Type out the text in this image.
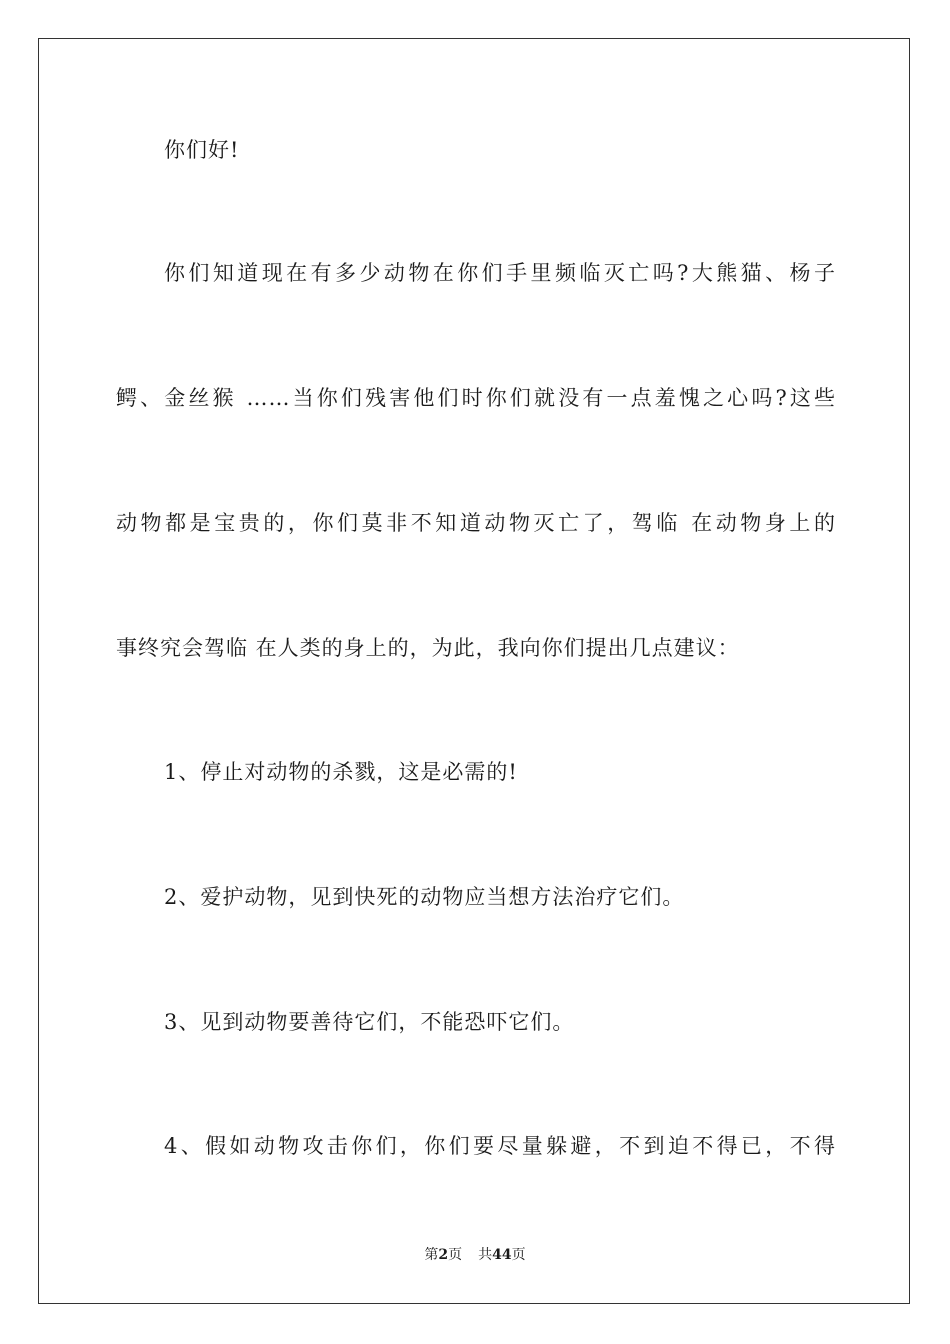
你们好!
你们知道现在有多少动物在你们手里频临灭亡吗?大熊猫、杨子
鳄、金丝猴 ……当你们残害他们时你们就没有一点羞愧之心吗?这些
动物都是宝贵的，你们莫非不知道动物灭亡了，驾临 在动物身上的
事终究会驾临 在人类的身上的，为此，我向你们提出几点建议：
1、停止对动物的杀戮，这是必需的!
2、爱护动物，见到快死的动物应当想方法治疗它们。
3、见到动物要善待它们，不能恐吓它们。
4、假如动物攻击你们，你们要尽量躲避，不到迫不得已，不得
第2页 共44页
